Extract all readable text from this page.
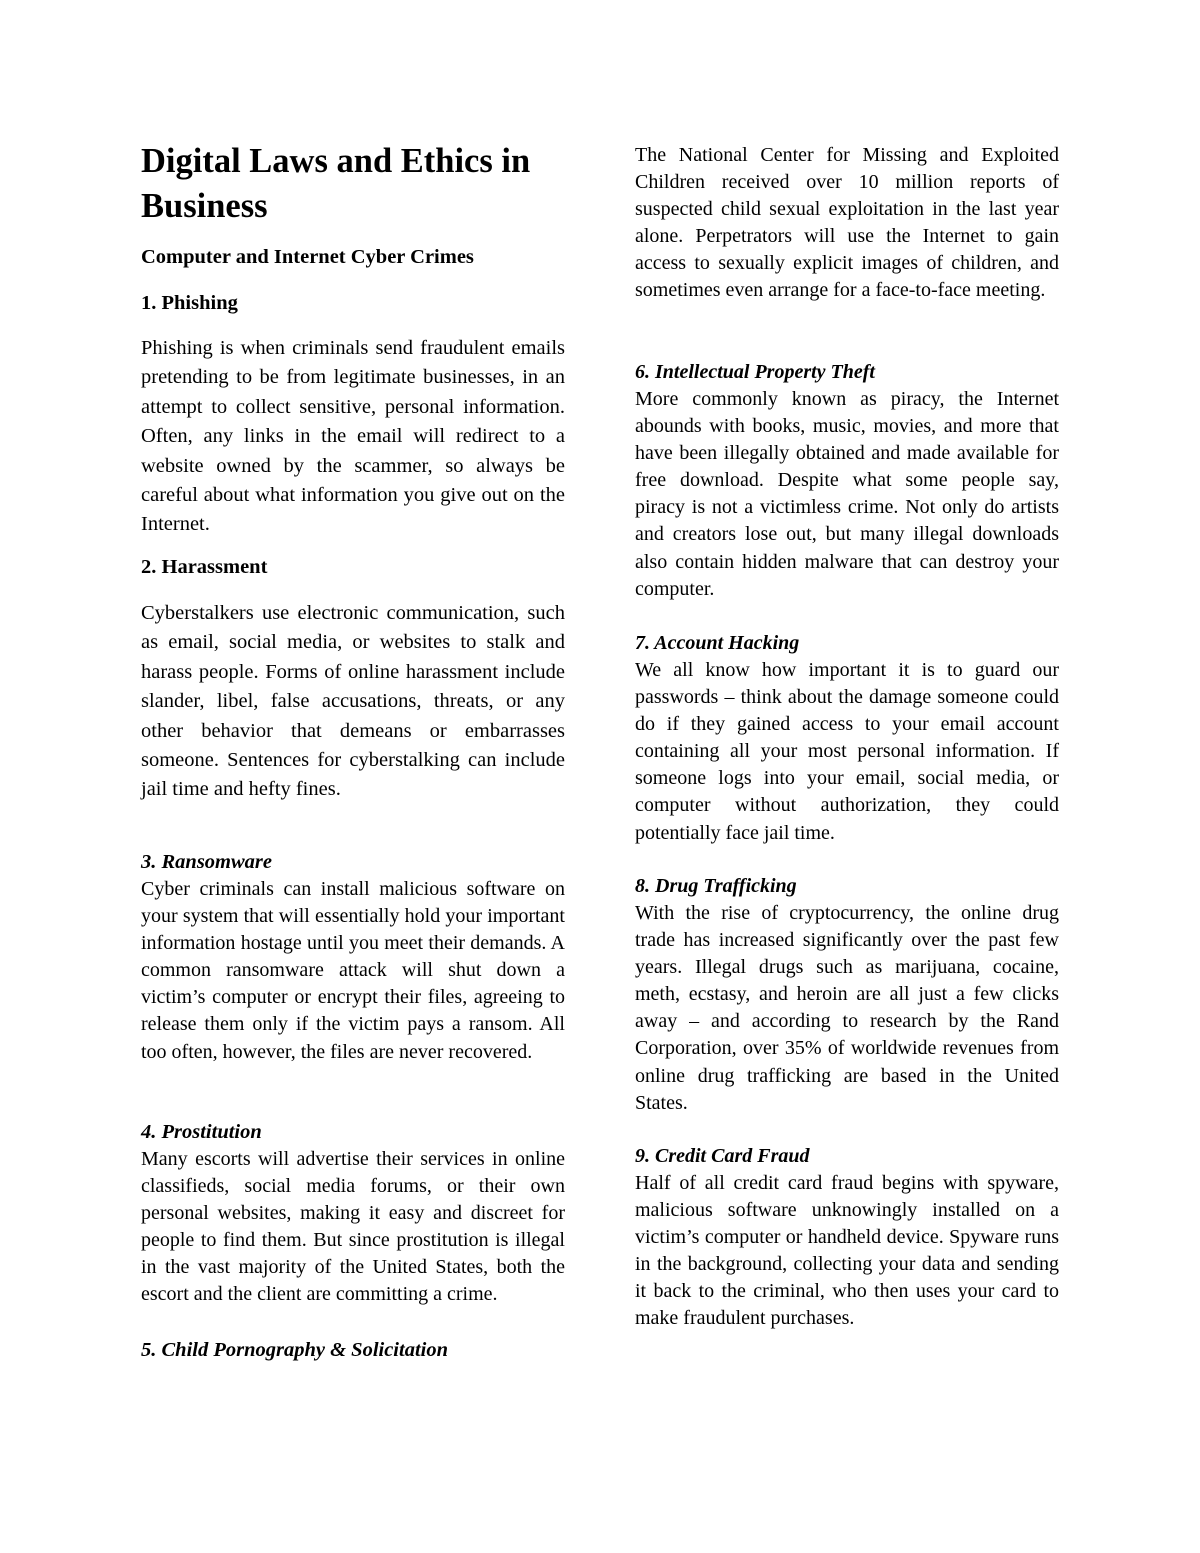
Digital Laws and Ethics in Business
Computer and Internet Cyber Crimes
1. Phishing

Phishing is when criminals send fraudulent emails pretending to be from legitimate businesses, in an attempt to collect sensitive, personal information. Often, any links in the email will redirect to a website owned by the scammer, so always be careful about what information you give out on the Internet.

2. Harassment

Cyberstalkers use electronic communication, such as email, social media, or websites to stalk and harass people. Forms of online harassment include slander, libel, false accusations, threats, or any other behavior that demeans or embarrasses someone. Sentences for cyberstalking can include jail time and hefty fines.

3. Ransomware

Cyber criminals can install malicious software on your system that will essentially hold your important information hostage until you meet their demands. A common ransomware attack will shut down a victim’s computer or encrypt their files, agreeing to release them only if the victim pays a ransom. All too often, however, the files are never recovered.

4. Prostitution

Many escorts will advertise their services in online classifieds, social media forums, or their own personal websites, making it easy and discreet for people to find them. But since prostitution is illegal in the vast majority of the United States, both the escort and the client are committing a crime.

5. Child Pornography & Solicitation

The National Center for Missing and Exploited Children received over 10 million reports of suspected child sexual exploitation in the last year alone. Perpetrators will use the Internet to gain access to sexually explicit images of children, and sometimes even arrange for a face-to-face meeting.

6. Intellectual Property Theft

More commonly known as piracy, the Internet abounds with books, music, movies, and more that have been illegally obtained and made available for free download. Despite what some people say, piracy is not a victimless crime. Not only do artists and creators lose out, but many illegal downloads also contain hidden malware that can destroy your computer.

7. Account Hacking

We all know how important it is to guard our passwords – think about the damage someone could do if they gained access to your email account containing all your most personal information. If someone logs into your email, social media, or computer without authorization, they could potentially face jail time.

8. Drug Trafficking

With the rise of cryptocurrency, the online drug trade has increased significantly over the past few years. Illegal drugs such as marijuana, cocaine, meth, ecstasy, and heroin are all just a few clicks away – and according to research by the Rand Corporation, over 35% of worldwide revenues from online drug trafficking are based in the United States.

9. Credit Card Fraud

Half of all credit card fraud begins with spyware, malicious software unknowingly installed on a victim’s computer or handheld device. Spyware runs in the background, collecting your data and sending it back to the criminal, who then uses your card to make fraudulent purchases.
